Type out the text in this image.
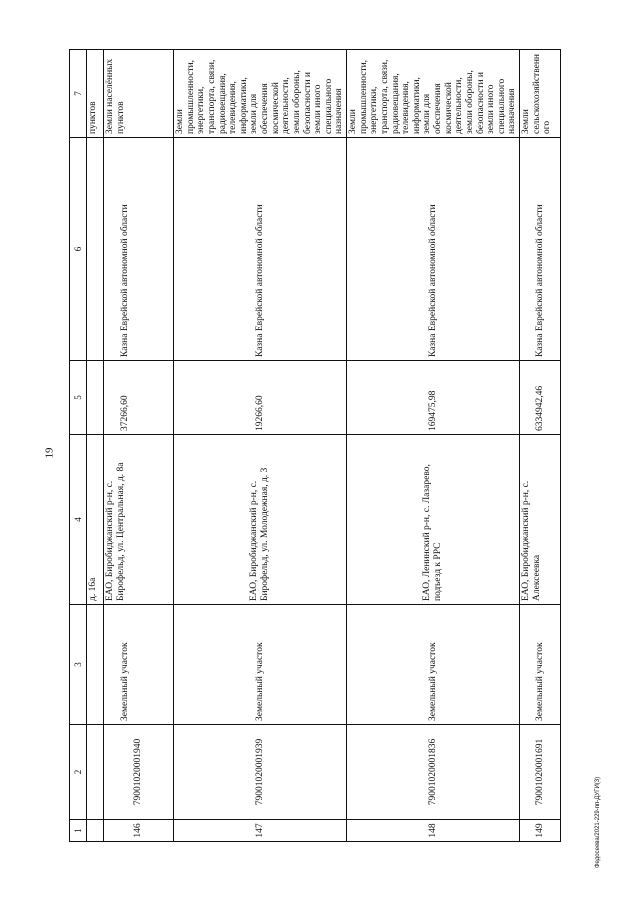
19
1	2	3	4	5	6	7
			д. 16а			пунктов
146	79001020001940	Земельный участок	ЕАО, Биробиджанский р-н, с. Бирофельд, ул. Центральная, д. 8а	37266,60	Казна Еврейской автономной области	Земли населённых пунктов
147	79001020001939	Земельный участок	ЕАО, Биробиджанский р-н, с. Бирофельд, ул. Молодежная, д. 3	19266,60	Казна Еврейской автономной области	Земли промышленности, энергетики, транспорта, связи, радиовещания, телевидения, информатики, земли для обеспечения космической деятельности, земли обороны, безопасности и земли иного специального назначения
148	79001020001836	Земельный участок	ЕАО, Ленинский р-н, с. Лазарево, подъезд к РРС	169475,98	Казна Еврейской автономной области	Земли промышленности, энергетики, транспорта, связи, радиовещания, телевидения, информатики, земли для обеспечения космической деятельности, земли обороны, безопасности и земли иного специального назначения
149	79001020001691	Земельный участок	ЕАО, Биробиджанский р-н, с. Алексеевка	6334942,46	Казна Еврейской автономной области	Земли сельскохозяйственного
Федосеева/2021-229-пп-ДУГИ(3)
